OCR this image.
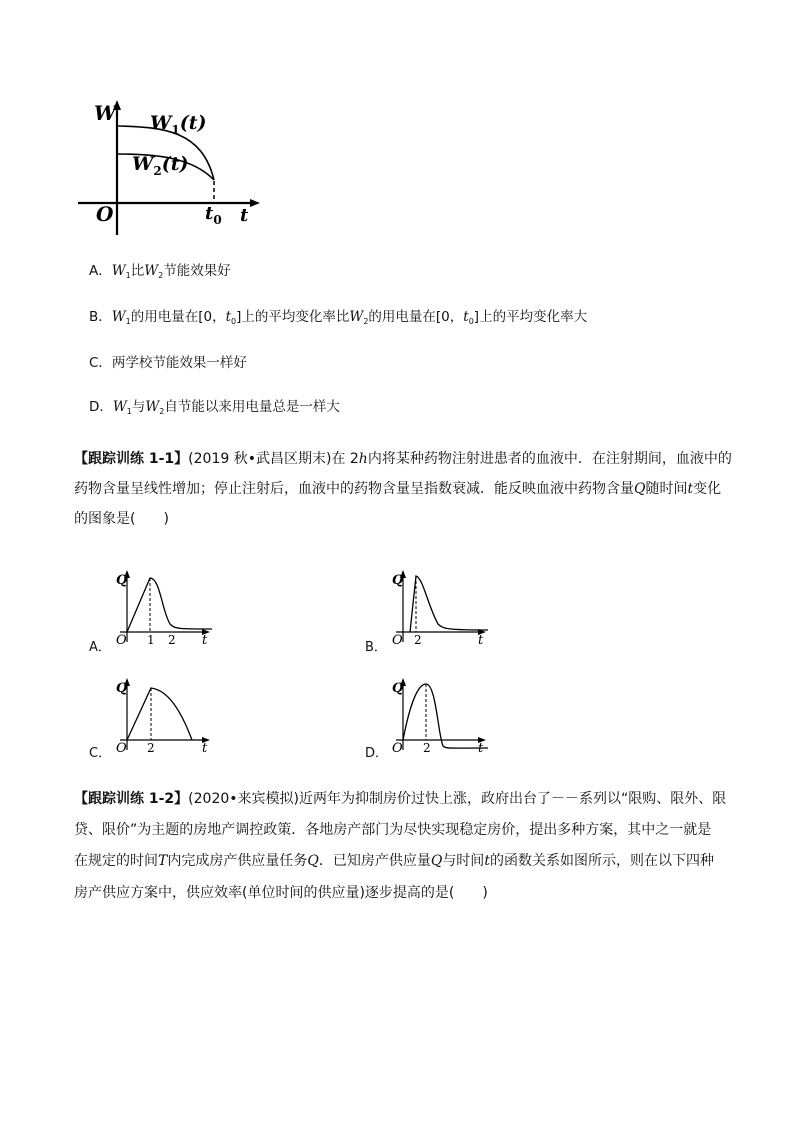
W
O	t
$t_0$
$W_1(t)$
$W_2(t)$
A．$W_1$比$W_2$节能效果好
B．$W_1$的用电量在[0，$t_0$]上的平均变化率比$W_2$的用电量在[0，$t_0$]上的平均变化率大
C．两学校节能效果一样好
D．$W_1$与$W_2$自节能以来用电量总是一样大
【跟踪训练 1-1】(2019 秋•武昌区期末)在 2h内将某种药物注射进患者的血液中．在注射期间，血液中的
药物含量呈线性增加；停止注射后，血液中的药物含量呈指数衰减．能反映血液中药物含量Q随时间t变化
的图象是(　　)
A．
Q
O 1 2 t	B．
Q
O 2	t
C．
Q
O 2	t	D．
Q
O 2	t
【跟踪训练 1-2】(2020•来宾模拟)近两年为抑制房价过快上涨，政府出台了－－系列以“限购、限外、限
贷、限价”为主题的房地产调控政策．各地房产部门为尽快实现稳定房价，提出多种方案，其中之一就是
在规定的时间T内完成房产供应量任务Q．已知房产供应量Q与时间t的函数关系如图所示，则在以下四种
房产供应方案中，供应效率(单位时间的供应量)逐步提高的是(　　)
